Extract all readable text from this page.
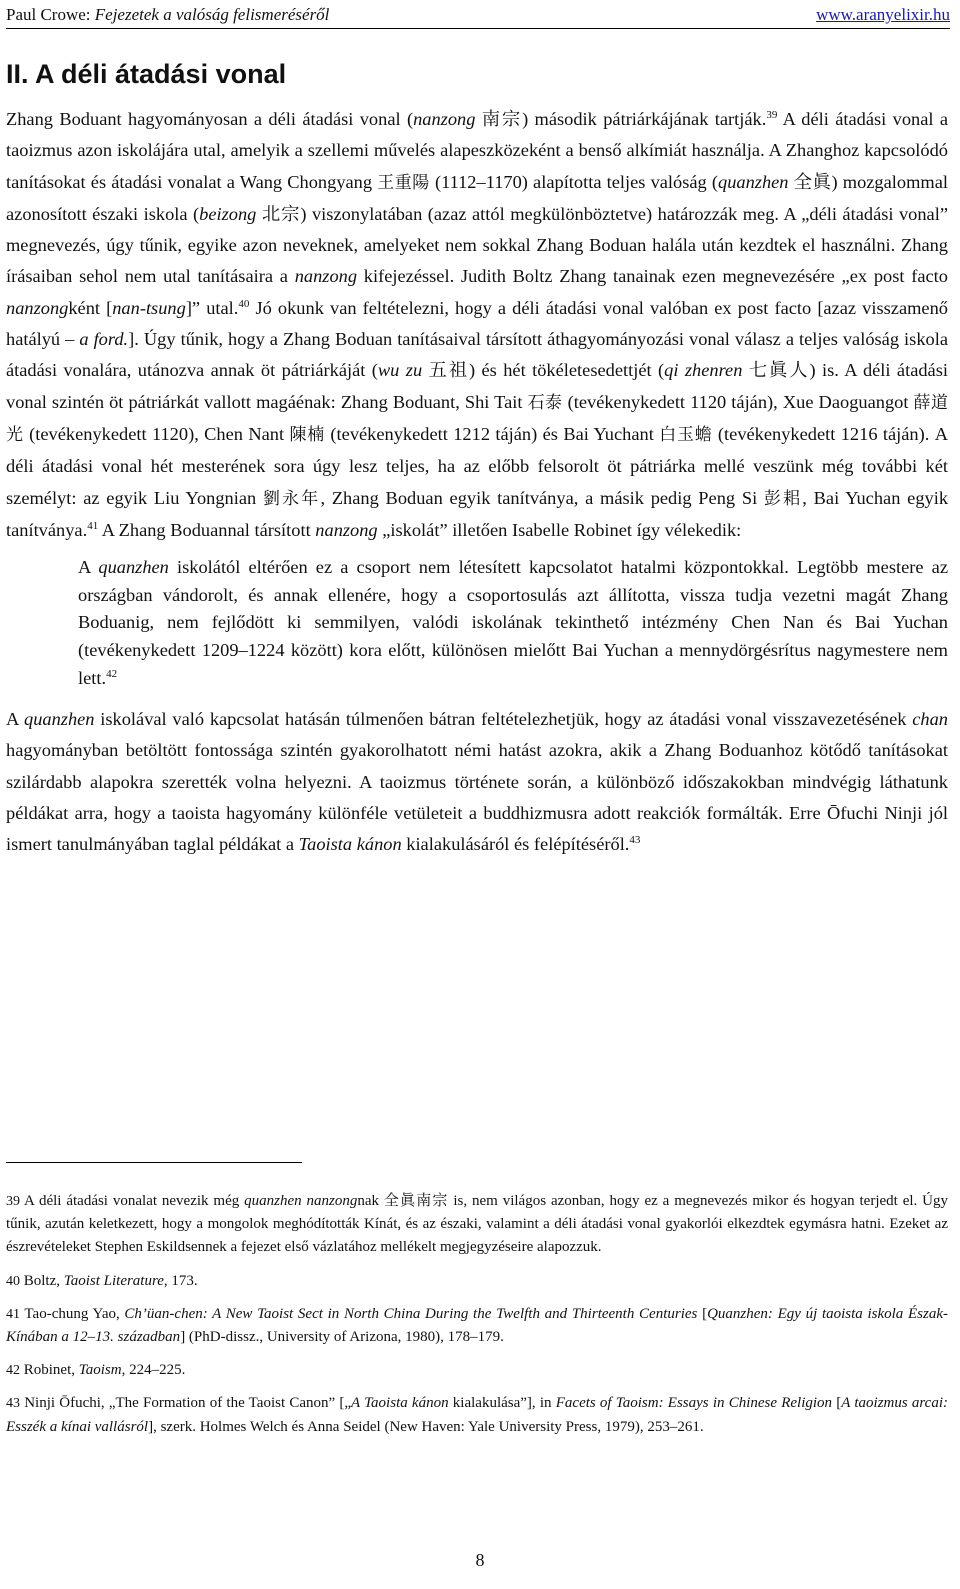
Paul Crowe: Fejezetek a valóság felismeréséről	www.aranyelixir.hu
II. A déli átadási vonal

Zhang Boduant hagyományosan a déli átadási vonal (nanzong 南宗) második pátriárkájának tartják.$^{39}$ A déli átadási vonal a taoizmus azon iskolájára utal, amelyik a szellemi művelés alapeszközeként a benső alkímiát használja. A Zhanghoz kapcsolódó tanításokat és átadási vonalat a Wang Chongyang 王重陽 (1112–1170) alapította teljes valóság (quanzhen 全眞) mozgalommal azonosított északi iskola (beizong 北宗) viszonylatában (azaz attól megkülönböztetve) határozzák meg. A „déli átadási vonal” megnevezés, úgy tűnik, egyike azon neveknek, amelyeket nem sokkal Zhang Boduan halála után kezdtek el használni. Zhang írásaiban sehol nem utal tanításaira a nanzong kifejezéssel. Judith Boltz Zhang tanainak ezen megnevezésére „ex post facto nanzongként [nan-tsung]” utal.$^{40}$ Jó okunk van feltételezni, hogy a déli átadási vonal valóban ex post facto [azaz visszamenő hatályú – a ford.]. Úgy tűnik, hogy a Zhang Boduan tanításaival társított áthagyományozási vonal válasz a teljes valóság iskola átadási vonalára, utánozva annak öt pátriárkáját (wu zu 五祖) és hét tökéletesedettjét (qi zhenren 七眞人) is. A déli átadási vonal szintén öt pátriárkát vallott magáénak: Zhang Boduant, Shi Tait 石泰 (tevékenykedett 1120 táján), Xue Daoguangot 薛道光 (tevékenykedett 1120), Chen Nant 陳楠 (tevékenykedett 1212 táján) és Bai Yuchant 白玉蟾 (tevékenykedett 1216 táján). A déli átadási vonal hét mesterének sora úgy lesz teljes, ha az előbb felsorolt öt pátriárka mellé veszünk még további két személyt: az egyik Liu Yongnian 劉永年, Zhang Boduan egyik tanítványa, a másik pedig Peng Si 彭耜, Bai Yuchan egyik tanítványa.$^{41}$ A Zhang Boduannal társított nanzong „iskolát” illetően Isabelle Robinet így vélekedik:

A quanzhen iskolától eltérően ez a csoport nem létesített kapcsolatot hatalmi központokkal. Legtöbb mestere az országban vándorolt, és annak ellenére, hogy a csoportosulás azt állította, vissza tudja vezetni magát Zhang Boduanig, nem fejlődött ki semmilyen, valódi iskolának tekinthető intézmény Chen Nan és Bai Yuchan (tevékenykedett 1209–1224 között) kora előtt, különösen mielőtt Bai Yuchan a mennydörgésrítus nagymestere nem lett.$^{42}$

A quanzhen iskolával való kapcsolat hatásán túlmenően bátran feltételezhetjük, hogy az átadási vonal visszavezetésének chan hagyományban betöltött fontossága szintén gyakorolhatott némi hatást azokra, akik a Zhang Boduanhoz kötődő tanításokat szilárdabb alapokra szerették volna helyezni. A taoizmus története során, a különböző időszakokban mindvégig láthatunk példákat arra, hogy a taoista hagyomány különféle vetületeit a buddhizmusra adott reakciók formálták. Erre Ōfuchi Ninji jól ismert tanulmányában taglal példákat a Taoista kánon kialakulásáról és felépítéséről.$^{43}$

39 A déli átadási vonalat nevezik még quanzhen nanzongnak 全眞南宗 is, nem világos azonban, hogy ez a megnevezés mikor és hogyan terjedt el. Úgy tűnik, azután keletkezett, hogy a mongolok meghódították Kínát, és az északi, valamint a déli átadási vonal gyakorlói elkezdtek egymásra hatni. Ezeket az észrevételeket Stephen Eskildsennek a fejezet első vázlatához mellékelt megjegyzéseire alapozzuk.

40 Boltz, Taoist Literature, 173.

41 Tao-chung Yao, Ch’üan-chen: A New Taoist Sect in North China During the Twelfth and Thirteenth Centuries [Quanzhen: Egy új taoista iskola Észak-Kínában a 12–13. században] (PhD-dissz., University of Arizona, 1980), 178–179.

42 Robinet, Taoism, 224–225.

43 Ninji Ōfuchi, „The Formation of the Taoist Canon” [„A Taoista kánon kialakulása”], in Facets of Taoism: Essays in Chinese Religion [A taoizmus arcai: Esszék a kínai vallásról], szerk. Holmes Welch és Anna Seidel (New Haven: Yale University Press, 1979), 253–261.

8
